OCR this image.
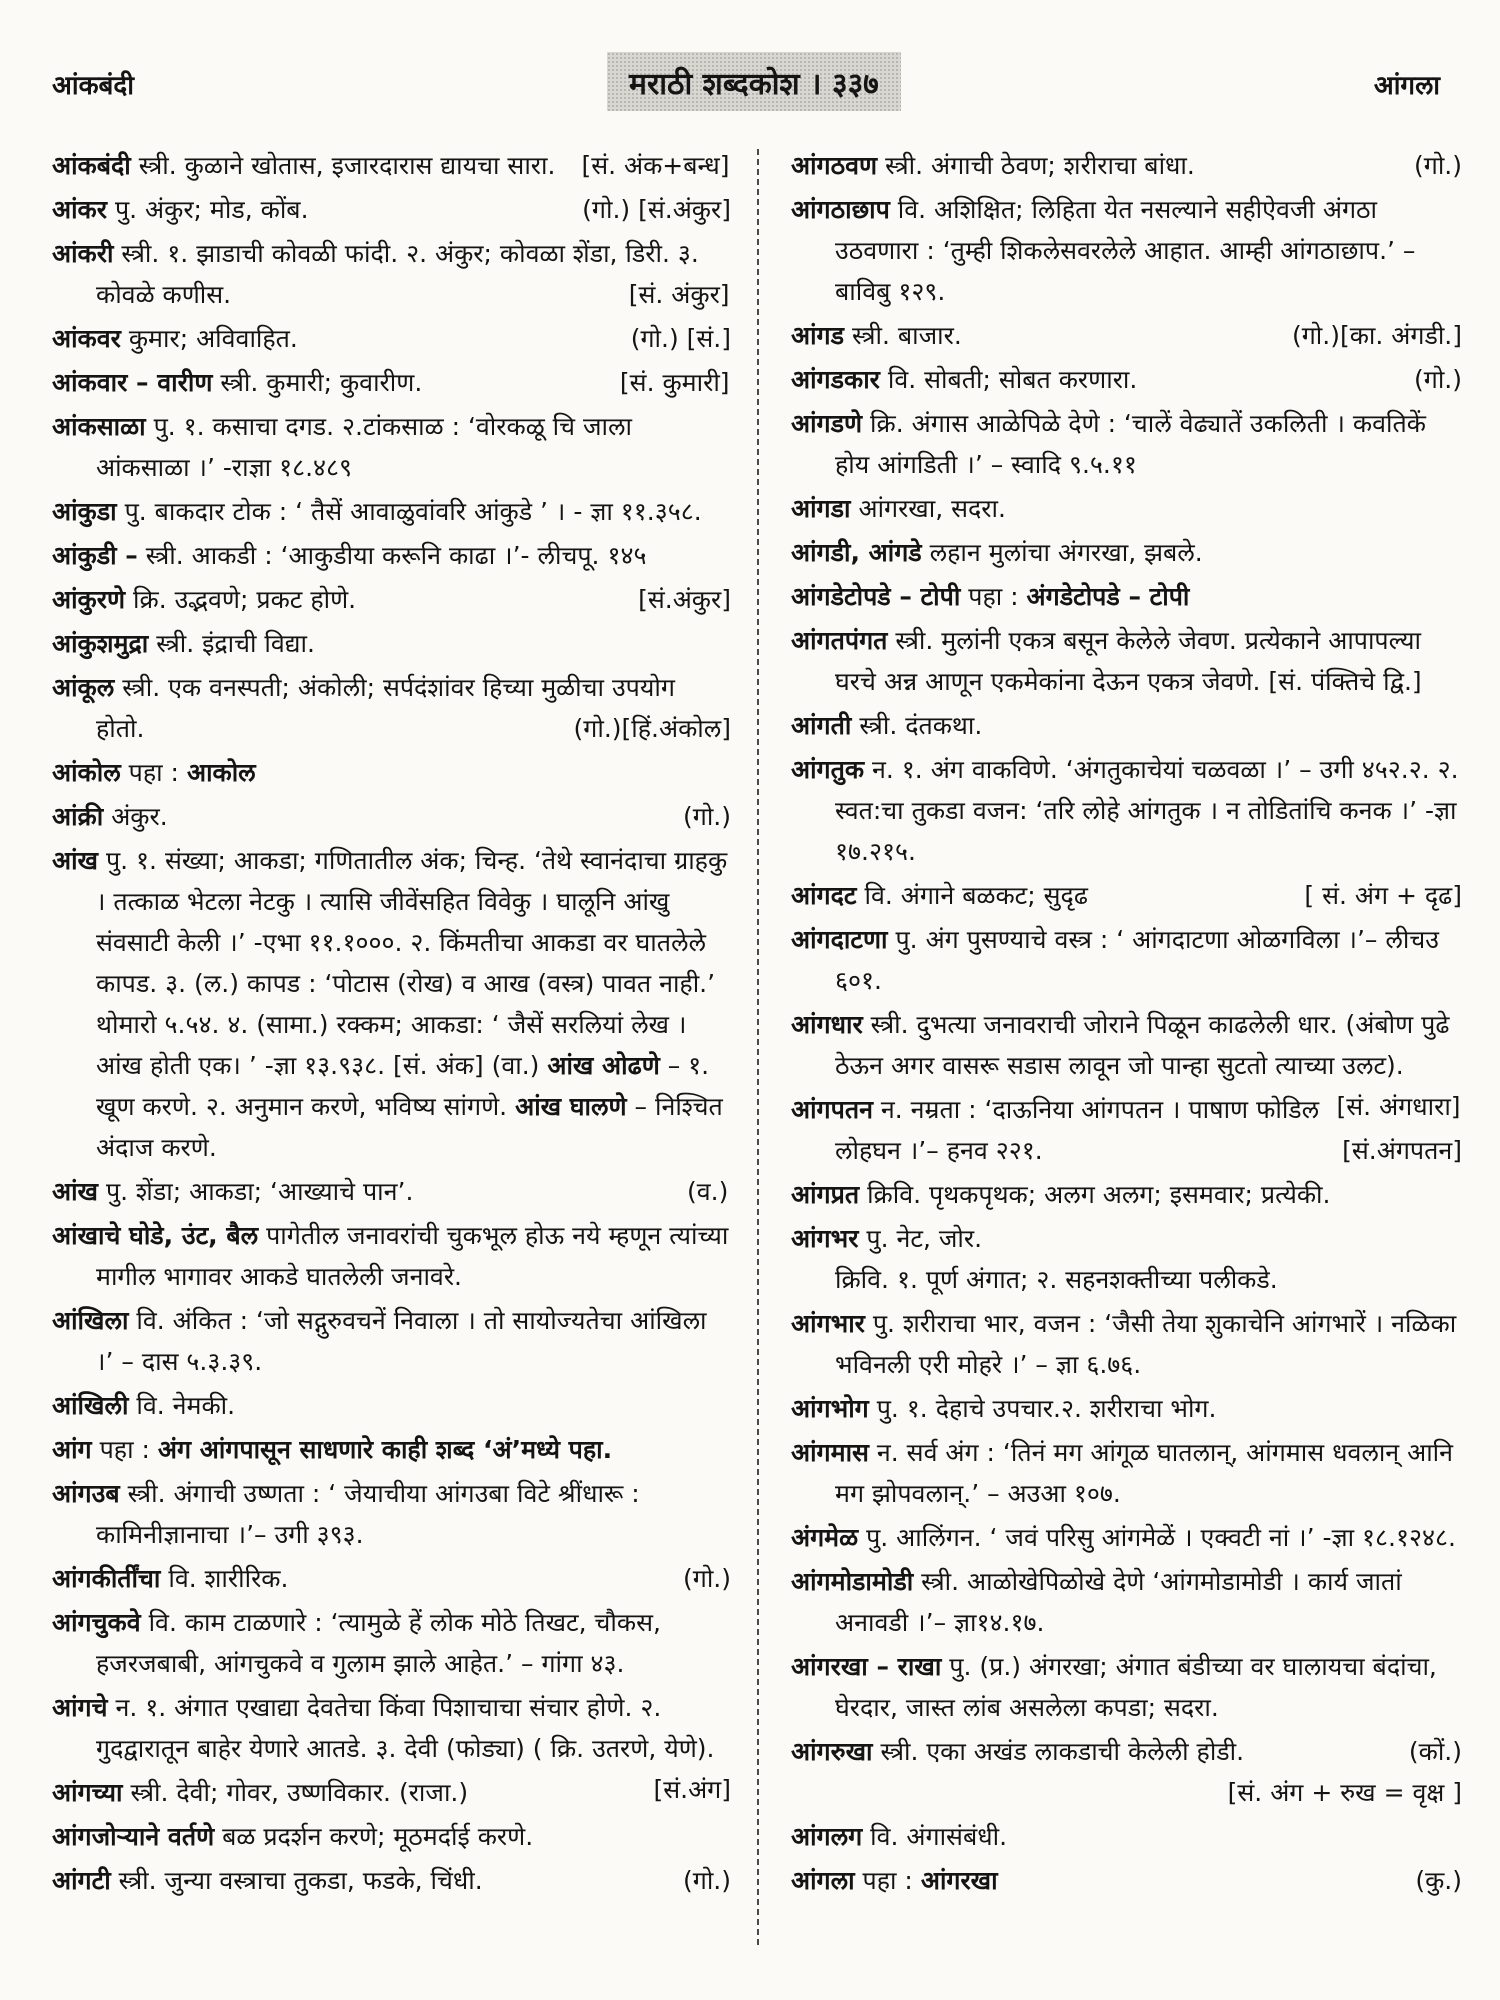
आंकबंदी	मराठी शब्दकोश । ३३७	आंगला

आंकबंदी स्त्री. कुळाने खोतास, इजारदारास द्यायचा सारा. [सं. अंक+बन्ध]

आंकर पु. अंकुर; मोड, कोंब.	(गो.) [सं.अंकुर]

आंकरी स्त्री. १. झाडाची कोवळी फांदी. २. अंकुर; कोवळा शेंडा, डिरी. ३. कोवळे कणीस.	[सं. अंकुर]

आंकवर कुमार; अविवाहित.	(गो.) [सं.]

आंकवार – वारीण स्त्री. कुमारी; कुवारीण.	[सं. कुमारी]

आंकसाळा पु. १. कसाचा दगड. २.टांकसाळ : ‘वोरकळू चि जाला आंकसाळा ।’ -राज्ञा १८.४८९

आंकुडा पु. बाकदार टोक : ‘ तैसें आवाळुवांवरि आंकुडे ’ । - ज्ञा ११.३५८.

आंकुडी – स्त्री. आकडी : ‘आकुडीया करूनि काढा ।’- लीचपू. १४५

आंकुरणे क्रि. उद्भवणे; प्रकट होणे.	[सं.अंकुर]

आंकुशमुद्रा स्त्री. इंद्राची विद्या.

आंकूल स्त्री. एक वनस्पती; अंकोली; सर्पदंशांवर हिच्या मुळीचा उपयोग होतो.	(गो.)[हिं.अंकोल]

आंकोल पहा : आकोल

आंक्री अंकुर.	(गो.)

आंख पु. १. संख्या; आकडा; गणितातील अंक; चिन्ह. ‘तेथे स्वानंदाचा ग्राहकु । तत्काळ भेटला नेटकु । त्यासि जीवेंसहित विवेकु । घालूनि आंखु संवसाटी केली ।’ -एभा ११.१०००. २. किंमतीचा आकडा वर घातलेले कापड. ३. (ल.) कापड : ‘पोटास (रोख) व आख (वस्त्र) पावत नाही.’ थोमारो ५.५४. ४. (सामा.) रक्कम; आकडा: ‘ जैसें सरलियां लेख । आंख होती एक। ’ -ज्ञा १३.९३८. [सं. अंक] (वा.) आंख ओढणे – १. खूण करणे. २. अनुमान करणे, भविष्य सांगणे. आंख घालणे – निश्चित अंदाज करणे.

आंख पु. शेंडा; आकडा; ‘आख्याचे पान’.	(व.)

आंखाचे घोडे, उंट, बैल पागेतील जनावरांची चुकभूल होऊ नये म्हणून त्यांच्या मागील भागावर आकडे घातलेली जनावरे.

आंखिला वि. अंकित : ‘जो सद्गुरुवचनें निवाला । तो सायोज्यतेचा आंखिला ।’ – दास ५.३.३९.

आंखिली वि. नेमकी.

आंग पहा : अंग आंगपासून साधणारे काही शब्द ‘अं’मध्ये पहा.

आंगउब स्त्री. अंगाची उष्णता : ‘ जेयाचीया आंगउबा विटे श्रींधारू : कामिनीज्ञानाचा ।’– उगी ३९३.

आंगकीर्तींचा वि. शारीरिक.	(गो.)

आंगचुकवे वि. काम टाळणारे : ‘त्यामुळे हें लोक मोठे तिखट, चौकस, हजरजबाबी, आंगचुकवे व गुलाम झाले आहेत.’ – गांगा ४३.

आंगचे न. १. अंगात एखाद्या देवतेचा किंवा पिशाचाचा संचार होणे. २. गुदद्वारातून बाहेर येणारे आतडे. ३. देवी (फोड्या) ( क्रि. उतरणे, येणे).
[सं.अंग]

आंगच्या स्त्री. देवी; गोवर, उष्णविकार. (राजा.)

आंगजोऱ्याने वर्तणे बळ प्रदर्शन करणे; मूठमर्दाई करणे.

आंगटी स्त्री. जुन्या वस्त्राचा तुकडा, फडके, चिंधी.	(गो.)

आंगठवण स्त्री. अंगाची ठेवण; शरीराचा बांधा.	(गो.)

आंगठाछाप वि. अशिक्षित; लिहिता येत नसल्याने सहीऐवजी अंगठा उठवणारा : ‘तुम्ही शिकलेसवरलेले आहात. आम्ही आंगठाछाप.’ – बाविबु १२९.

आंगड स्त्री. बाजार.	(गो.)[का. अंगडी.]

आंगडकार वि. सोबती; सोबत करणारा.	(गो.)

आंगडणे क्रि. अंगास आळेपिळे देणे : ‘चालें वेढ्यातें उकलिती । कवतिकें होय आंगडिती ।’ – स्वादि ९.५.११

आंगडा आंगरखा, सदरा.

आंगडी, आंगडे लहान मुलांचा अंगरखा, झबले.

आंगडेटोपडे – टोपी पहा : अंगडेटोपडे – टोपी

आंगतपंगत स्त्री. मुलांनी एकत्र बसून केलेले जेवण. प्रत्येकाने आपापल्या घरचे अन्न आणून एकमेकांना देऊन एकत्र जेवणे. [सं. पंक्तिचे द्वि.]

आंगती स्त्री. दंतकथा.

आंगतुक न. १. अंग वाकविणे. ‘अंगतुकाचेयां चळवळा ।’ – उगी ४५२.२. २. स्वत:चा तुकडा वजन: ‘तरि लोहे आंगतुक । न तोडितांचि कनक ।’ -ज्ञा १७.२१५.

आंगदट वि. अंगाने बळकट; सुदृढ	[ सं. अंग + दृढ]

आंगदाटणा पु. अंग पुसण्याचे वस्त्र : ‘ आंगदाटणा ओळगविला ।’– लीचउ ६०१.

आंगधार स्त्री. दुभत्या जनावराची जोराने पिळून काढलेली धार. (अंबोण पुढे ठेऊन अगर वासरू सडास लावून जो पान्हा सुटतो त्याच्या उलट).
[सं. अंगधारा]

आंगपतन न. नम्रता : ‘दाऊनिया आंगपतन । पाषाण फोडिल लोहघन ।’– हनव २२१.	[सं.अंगपतन]

आंगप्रत क्रिवि. पृथकपृथक; अलग अलग; इसमवार; प्रत्येकी.

आंगभर पु. नेट, जोर.
क्रिवि. १. पूर्ण अंगात; २. सहनशक्तीच्या पलीकडे.

आंगभार पु. शरीराचा भार, वजन : ‘जैसी तेया शुकाचेनि आंगभारें । नळिका भविनली एरी मोहरे ।’ – ज्ञा ६.७६.

आंगभोग पु. १. देहाचे उपचार.२. शरीराचा भोग.

आंगमास न. सर्व अंग : ‘तिनं मग आंगूळ घातलान्, आंगमास धवलान् आनि मग झोपवलान्.’ – अउआ १०७.

अंगमेळ पु. आलिंगन. ‘ जवं परिसु आंगमेळें । एक्वटी नां ।’ -ज्ञा १८.१२४८.

आंगमोडामोडी स्त्री. आळोखेपिळोखे देणे ‘आंगमोडामोडी । कार्य जातां अनावडी ।’– ज्ञा१४.१७.

आंगरखा – राखा पु. (प्र.) अंगरखा; अंगात बंडीच्या वर घालायचा बंदांचा, घेरदार, जास्त लांब असलेला कपडा; सदरा.

आंगरुखा स्त्री. एका अखंड लाकडाची केलेली होडी.	(कों.)
[सं. अंग + रुख = वृक्ष ]

आंगलग वि. अंगासंबंधी.

आंगला पहा : आंगरखा	(कु.)
